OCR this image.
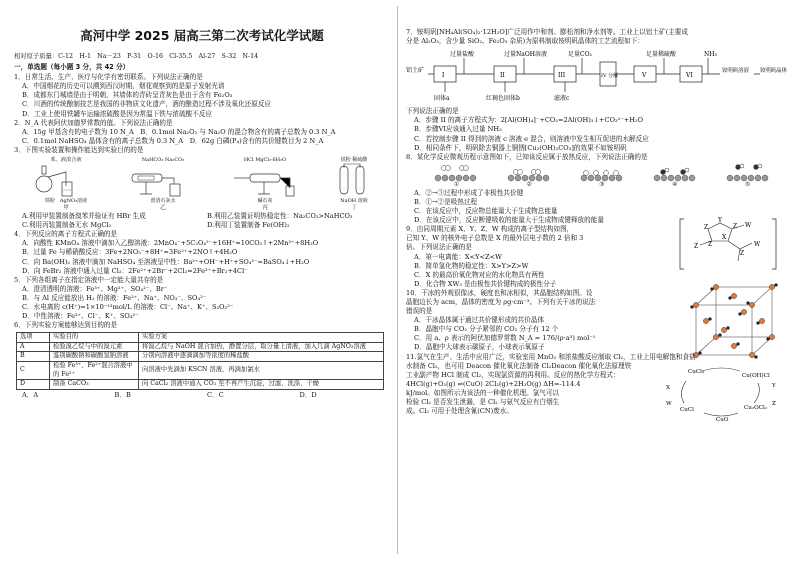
高河中学 2025 届高三第二次考试化学试题
相对原子质量：C-12　H-1　Na－23　P-31　O-16　Cl-35.5　Al-27　S-32　N-14
一，单选题（每小题 3 分，共 42 分）
1．日常生活、生产、医疗与化学有密切联系。下列说法正确的是
A．中国烟花的历史可以溯到西汉时期，烟花观察到的是原子发射光谱
B．成都东门城墙是由于明朝，其墙体的青砖呈青灰色是由于含有 Fe₂O₃
C．川酒的传统酿制技艺是我国的非物质文化遗产，酒的酿造过程不涉及氧化还原反应
D．工业上使用铁罐车运输浓硫酸是因为常温下铁与浓硫酸不反应
2．N_A 代表阿伏加德罗常数的值。下列说法正确的是
A．15g 甲基含有的电子数为 10 N_A　B．0.1mol Na₂O₂ 与 Na₂O 的混合物含有的离子总数为 0.3 N_A
C．0.1mol NaHSO₄ 晶体含有的离子总数为 0.3 N_A　D．62g 白磷(P₄)含有的共价键数目为 2 N_A
3．下图实验装置和操作能达到实验目的的是
苯、液溴合液
铁粉　 AgNO₃溶液
甲
NaHCO₃ Na₂CO₃
澄清石灰水
乙
HCl MgCl₂·6H₂O
碱石灰
丙
铁粉 稀硫酸
NaOH 溶液
丁
A.利用甲装置制备溴苯并验证有 HBr 生成	B.利用乙装置证明热稳定性：Na₂CO₃>NaHCO₃
C.利用丙装置制备无水 MgCl₂	D.利用丁装置制备 Fe(OH)₂
4．下列反应的离子方程式正确的是
A．向酸性 KMnO₄ 溶液中滴加入乙醇溶液：2MnO₄⁻+5C₂O₄²⁻+16H⁺=10CO₂↑+2Mn²⁺+8H₂O
B．过量 Fe 与稀硝酸反应：3Fe+2NO₃⁻+8H⁺=3Fe²⁺+2NO↑+4H₂O
C．向 Ba(OH)₂ 溶液中滴加 NaHSO₄ 至溶液呈中性：Ba²⁺+OH⁻+H⁺+SO₄²⁻=BaSO₄↓+H₂O
D．向 FeBr₂ 溶液中通入过量 Cl₂：2Fe²⁺+2Br⁻+2Cl₂=2Fe³⁺+Br₂+4Cl⁻
5．下列各组离子在指定溶液中一定能大量共存的是
A．澄清透明的溶液：Fe³⁺、Mg²⁺、SO₄²⁻、Br⁻
B．与 Al 反应能放出 H₂ 的溶液：Fe²⁺、Na⁺、NO₃⁻、SO₄²⁻
C．水电离的 c(H⁺)=1×10⁻¹³mol/L 的溶液：Cl⁻、Na⁺、K⁺、S₂O₃²⁻
D．中性溶液：Fe³⁺、Cl⁻、K⁺、SO₄²⁻
6．下列实验方案能够达到目的的是
选项	实验目的	实验方案
A	检验溴乙烷与中的溴元素	将溴乙烷与 NaOH 混合加热，静置分层，取分量上清液，加入几滴 AgNO₃溶液
B	鉴别碳酸钠和碳酸氢钠溶液	分别向溶液中逐滴滴加等浓度的稀盐酸
C	检验 Fe³⁺、Fe²⁺混合溶液中的 Fe²⁺	向溶液中先滴加 KSCN 溶液，再滴加氯水
D	制备 CaCO₃	向 CaCl₂ 溶液中通入 CO₂ 至不再产生沉淀，过滤、洗涤、干燥
A．A	B．B	C．C	D．D
7．铵明矾[NH₄Al(SO₄)₂·12H₂O]广泛用作中和剂、膨松剂和净水剂等。工业上以铝土矿(主要成
分是 Al₂O₃，含少量 SiO₂、Fe₂O₃ 杂质)为原料制取铵明矾晶体的工艺流程如下：
铝土矿
I	II	III	IV 分解	V	VI
过量盐酸	过量NaOH溶液	足量CO₂	足量稀硫酸	NH₃
固体a	红褐色固体b	滤液c
铵明矾溶液 铵明矾晶体
下列说法正确的是
A．步骤 II 的离子方程式为：2[Al(OH)₄]⁻+CO₂=2Al(OH)₃↓+CO₃²⁻+H₂O
B．步骤VI应该通入过量 NH₃
C．若控制步骤 II 得到的溶液 c 溶液 e 混合，则溶液中发生相互促进的水解反应
D．相同条件下，明矾除去铜器上铜锈[Cu₂(OH)₂CO₃]的效果不如铵明矾
8．某化学反应微观历程示意图如下，已知该反应属于放热反应，下列说法正确的是
①	②	③	④	⑤
A．②→③过程中形成了非极性共价键
B．①→②是吸热过程
C．在该反应中，反应物总能量大于生成物总能量
D．在该反应中，反应断键吸收的能量大于生成物成键释放的能量
9．由同周期元素 X、Y、Z、W 构成的离子型结构如图，
已知 Y、W 的核外电子总数是 X 的最外层电子数的 2 倍和 3
倍。下列说法正确的是
A．第一电离能：X<Y<Z<W
B．简单氢化物的稳定性：X>Y>Z>W
C．X 的最高价氧化物对应的水化物具有两性
D．化合物 XW₃ 是由极性共价键构成的极性分子
Z
Y
Z
X
W
Z	W
Z
Z
10．干冰的外观很像冰，硬度也和冰相似，其晶胞结构如图。设
晶胞边长为 acm，晶体的密度为 ρg·cm⁻³。下列有关干冰的说法
错误的是
A．干冰晶体属于通过共价键形成的共价晶体
B．晶胞中与 CO₂ 分子紧邻的 CO₂ 分子有 12 个
C．用 a、ρ 表示的阿伏加德罗常数 N_A = 176/(ρ·a³) mol⁻¹
D．晶胞中大球表示碳原子，小球表示氧原子
11.氯气在生产、生活中应用广泛，实验室用 MnO₂ 和浓盐酸反应制取 Cl₂，工业上用电解饱和食盐
水制备 Cl₂，也可用 Deacon 催化氧化法制备 Cl₂Deacon 催化氧化法原理铁
工业副产物 HCl 制成 Cl₂，实现氯资源的再利用。反应的热化学方程式：
4HCl(g)+O₂(g) ⇌(CuO) 2Cl₂(g)+2H₂O(g) ΔH=-114.4
kJ/mol。如图所示为该法的一种催化机理。氯气可以
检验 Cl₂ 是否发生泄漏，是 Cl₂ 与氨气反应有白烟生
成。Cl₂ 可用于处理含氰(CN)废水。
CuCl₂
Cu(OH)Cl
Cu₂OCl₂
CuO
CuCl
X	Y
Z
W
